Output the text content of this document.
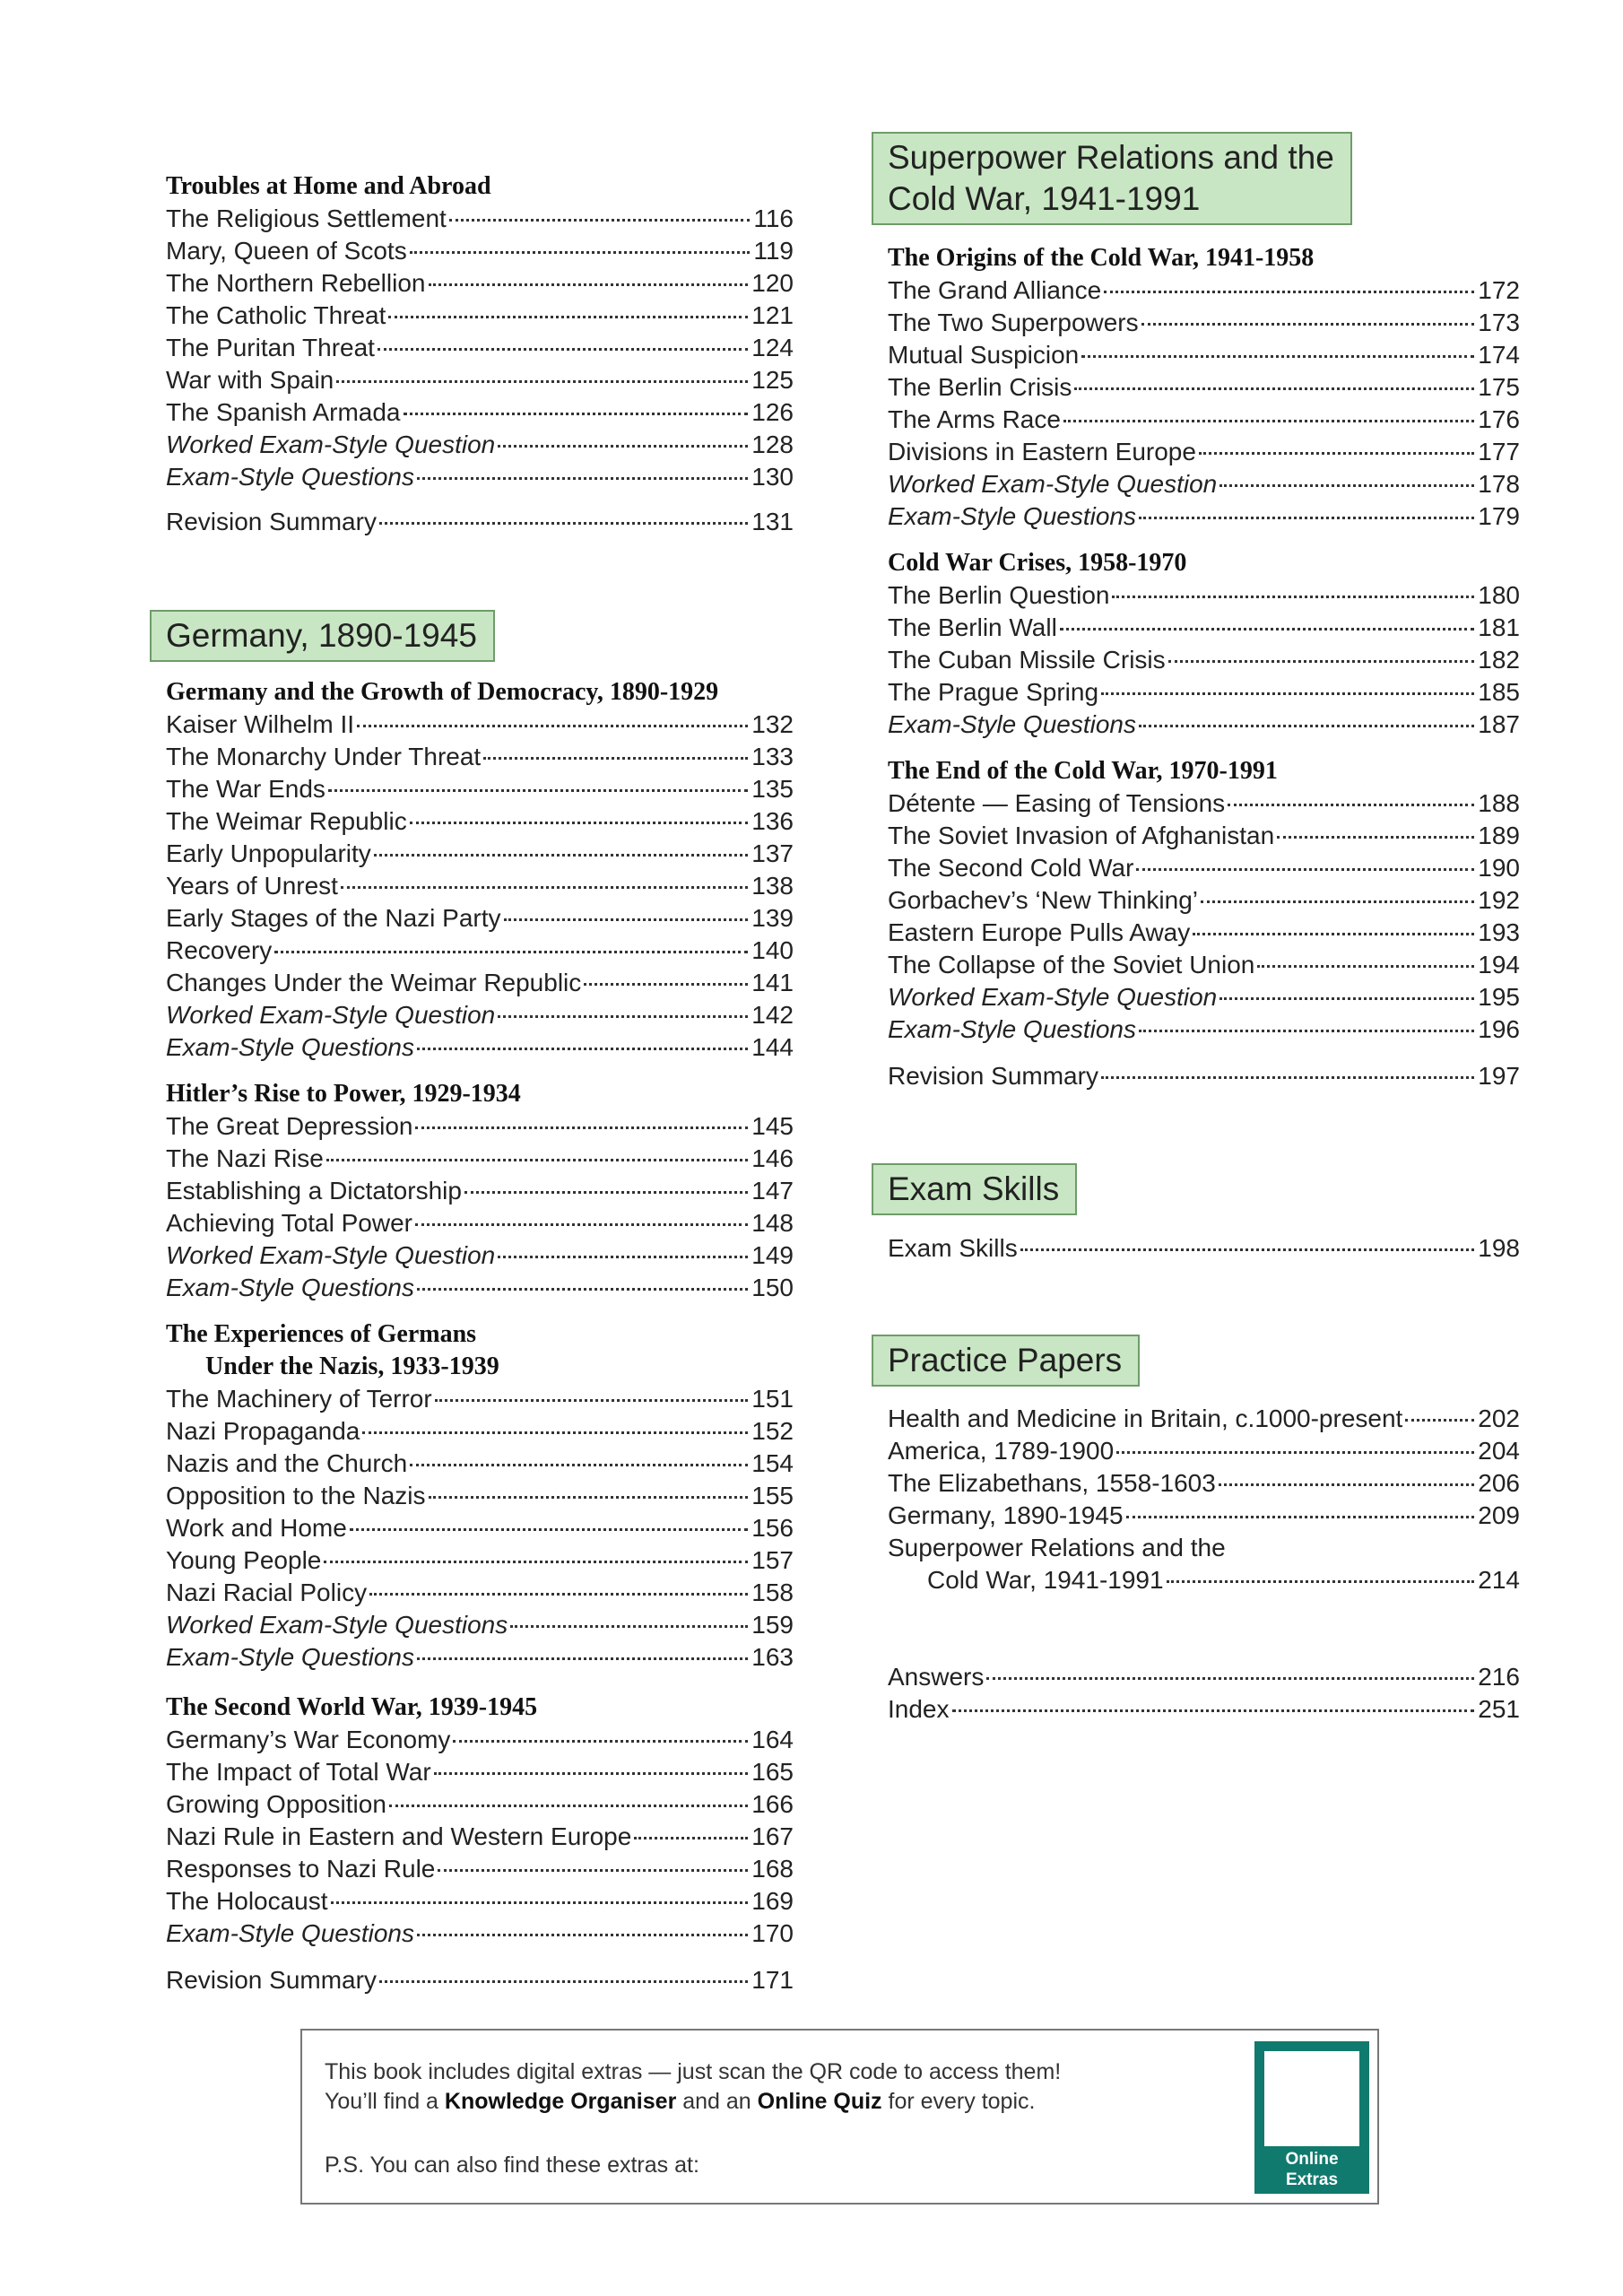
Troubles at Home and Abroad
The Religious Settlement	116
Mary, Queen of Scots	119
The Northern Rebellion	120
The Catholic Threat	121
The Puritan Threat	124
War with Spain	125
The Spanish Armada	126
Worked Exam-Style Question	128
Exam-Style Questions	130
Revision Summary	131
Germany, 1890-1945
Germany and the Growth of Democracy, 1890-1929
Kaiser Wilhelm II	132
The Monarchy Under Threat	133
The War Ends	135
The Weimar Republic	136
Early Unpopularity	137
Years of Unrest	138
Early Stages of the Nazi Party	139
Recovery	140
Changes Under the Weimar Republic	141
Worked Exam-Style Question	142
Exam-Style Questions	144
Hitler’s Rise to Power, 1929-1934
The Great Depression	145
The Nazi Rise	146
Establishing a Dictatorship	147
Achieving Total Power	148
Worked Exam-Style Question	149
Exam-Style Questions	150
The Experiences of Germans
Under the Nazis, 1933-1939
The Machinery of Terror	151
Nazi Propaganda	152
Nazis and the Church	154
Opposition to the Nazis	155
Work and Home	156
Young People	157
Nazi Racial Policy	158
Worked Exam-Style Questions	159
Exam-Style Questions	163
The Second World War, 1939-1945
Germany’s War Economy	164
The Impact of Total War	165
Growing Opposition	166
Nazi Rule in Eastern and Western Europe	167
Responses to Nazi Rule	168
The Holocaust	169
Exam-Style Questions	170
Revision Summary	171
Superpower Relations and the
Cold War, 1941-1991
The Origins of the Cold War, 1941-1958
The Grand Alliance	172
The Two Superpowers	173
Mutual Suspicion	174
The Berlin Crisis	175
The Arms Race	176
Divisions in Eastern Europe	177
Worked Exam-Style Question	178
Exam-Style Questions	179
Cold War Crises, 1958-1970
The Berlin Question	180
The Berlin Wall	181
The Cuban Missile Crisis	182
The Prague Spring	185
Exam-Style Questions	187
The End of the Cold War, 1970-1991
Détente — Easing of Tensions	188
The Soviet Invasion of Afghanistan	189
The Second Cold War	190
Gorbachev’s ‘New Thinking’	192
Eastern Europe Pulls Away	193
The Collapse of the Soviet Union	194
Worked Exam-Style Question	195
Exam-Style Questions	196
Revision Summary	197
Exam Skills
Exam Skills	198
Practice Papers
Health and Medicine in Britain, c.1000-present	202
America, 1789-1900	204
The Elizabethans, 1558-1603	206
Germany, 1890-1945	209
Superpower Relations and the
Cold War, 1941-1991	214
Answers	216
Index	251
This book includes digital extras — just scan the QR code to access them!
You’ll find a Knowledge Organiser and an Online Quiz for every topic.
P.S. You can also find these extras at:	Online
Extras
